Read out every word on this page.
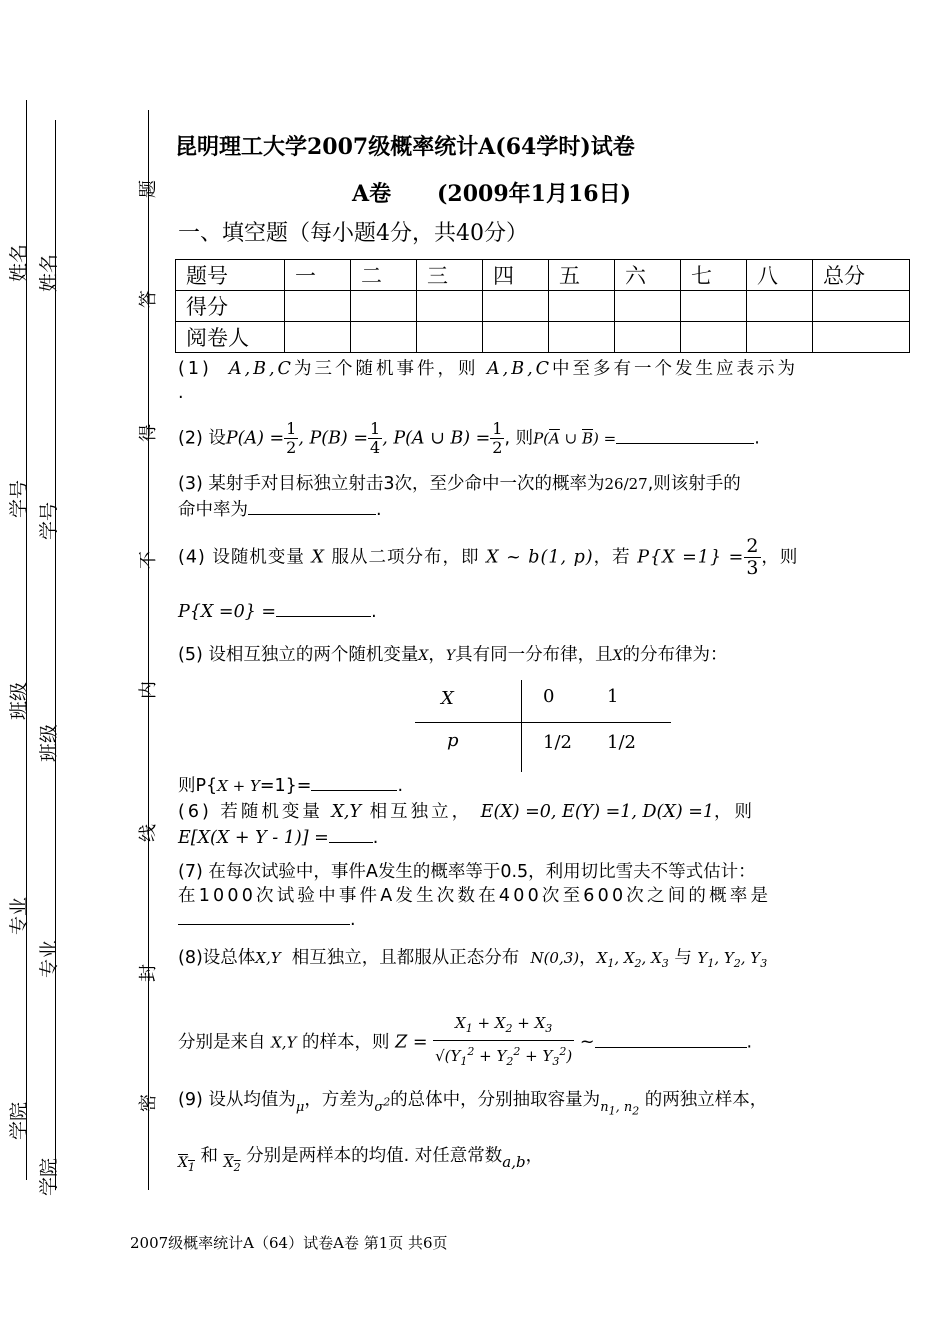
姓名 姓名
学号
学号
班级
班级
专业
专业
学院
学院
题
答
得
不
内
线
封
密
昆明理工大学2007级概率统计A(64学时)试卷
A卷      (2009年1月16日)
一、填空题（每小题4分，共40分）
题号	一	二	三	四	五	六	七	八	总分
得分									
阅卷人									
(1) A,B,C为三个随机事件，则 A,B,C中至多有一个发生应表示为
.
(2) 设$P(A) = \frac{1}{2}$ , $P(B) = \frac{1}{4}$ , P(A ∪ $B) = \frac{1}{2}$ , 则$P(\overline{A}$ ∪ $\overline{B}$) =	.
(3) 某射手对目标独立射击3次，至少命中一次的概率为26/27,则该射手的
命中率为	.
(4) 设随机变量 X 服从二项分布，即 X ~ b(1, p)，若 $P\{X =1\} = \frac{2}{3}$ ，则
P{X =0} =	.
(5) 设相互独立的两个随机变量X，Y具有同一分布律，且X的分布律为：
X	0	1
p	1/2 1/2
则P{X + Y=1}=	.
(6) 若随机变量 X,Y 相互独立， E(X) =0, E(Y) =1, D(X) =1，则
E[X(X + Y - 1)] =	.
(7) 在每次试验中，事件A发生的概率等于0.5，利用切比雪夫不等式估计：
在1000次试验中事件A发生次数在400次至600次之间的概率是
.
(8)设总体X,Y 相互独立，且都服从正态分布 N(0,3)，$X_1$, $X_2$, $X_3$ 与 $Y_1$, $Y_2$, $Y_3$
分别是来自 X,Y 的样本，则 $Z = \frac{X_1 + X_2 + X_3}{√(Y_1^2 + Y_2^2 + Y_3^2)}$ ~	.
(9) 设从均值为$_\mu$，方差为$_{\sigma^2}$的总体中，分别抽取容量为$_{n_1, n_2}$ 的两独立样本，
$_{X_1}$ 和 $_{X_2}$ 分别是两样本的均值. 对任意常数a,b，
2007级概率统计A（64）试卷A卷 第1页 共6页
